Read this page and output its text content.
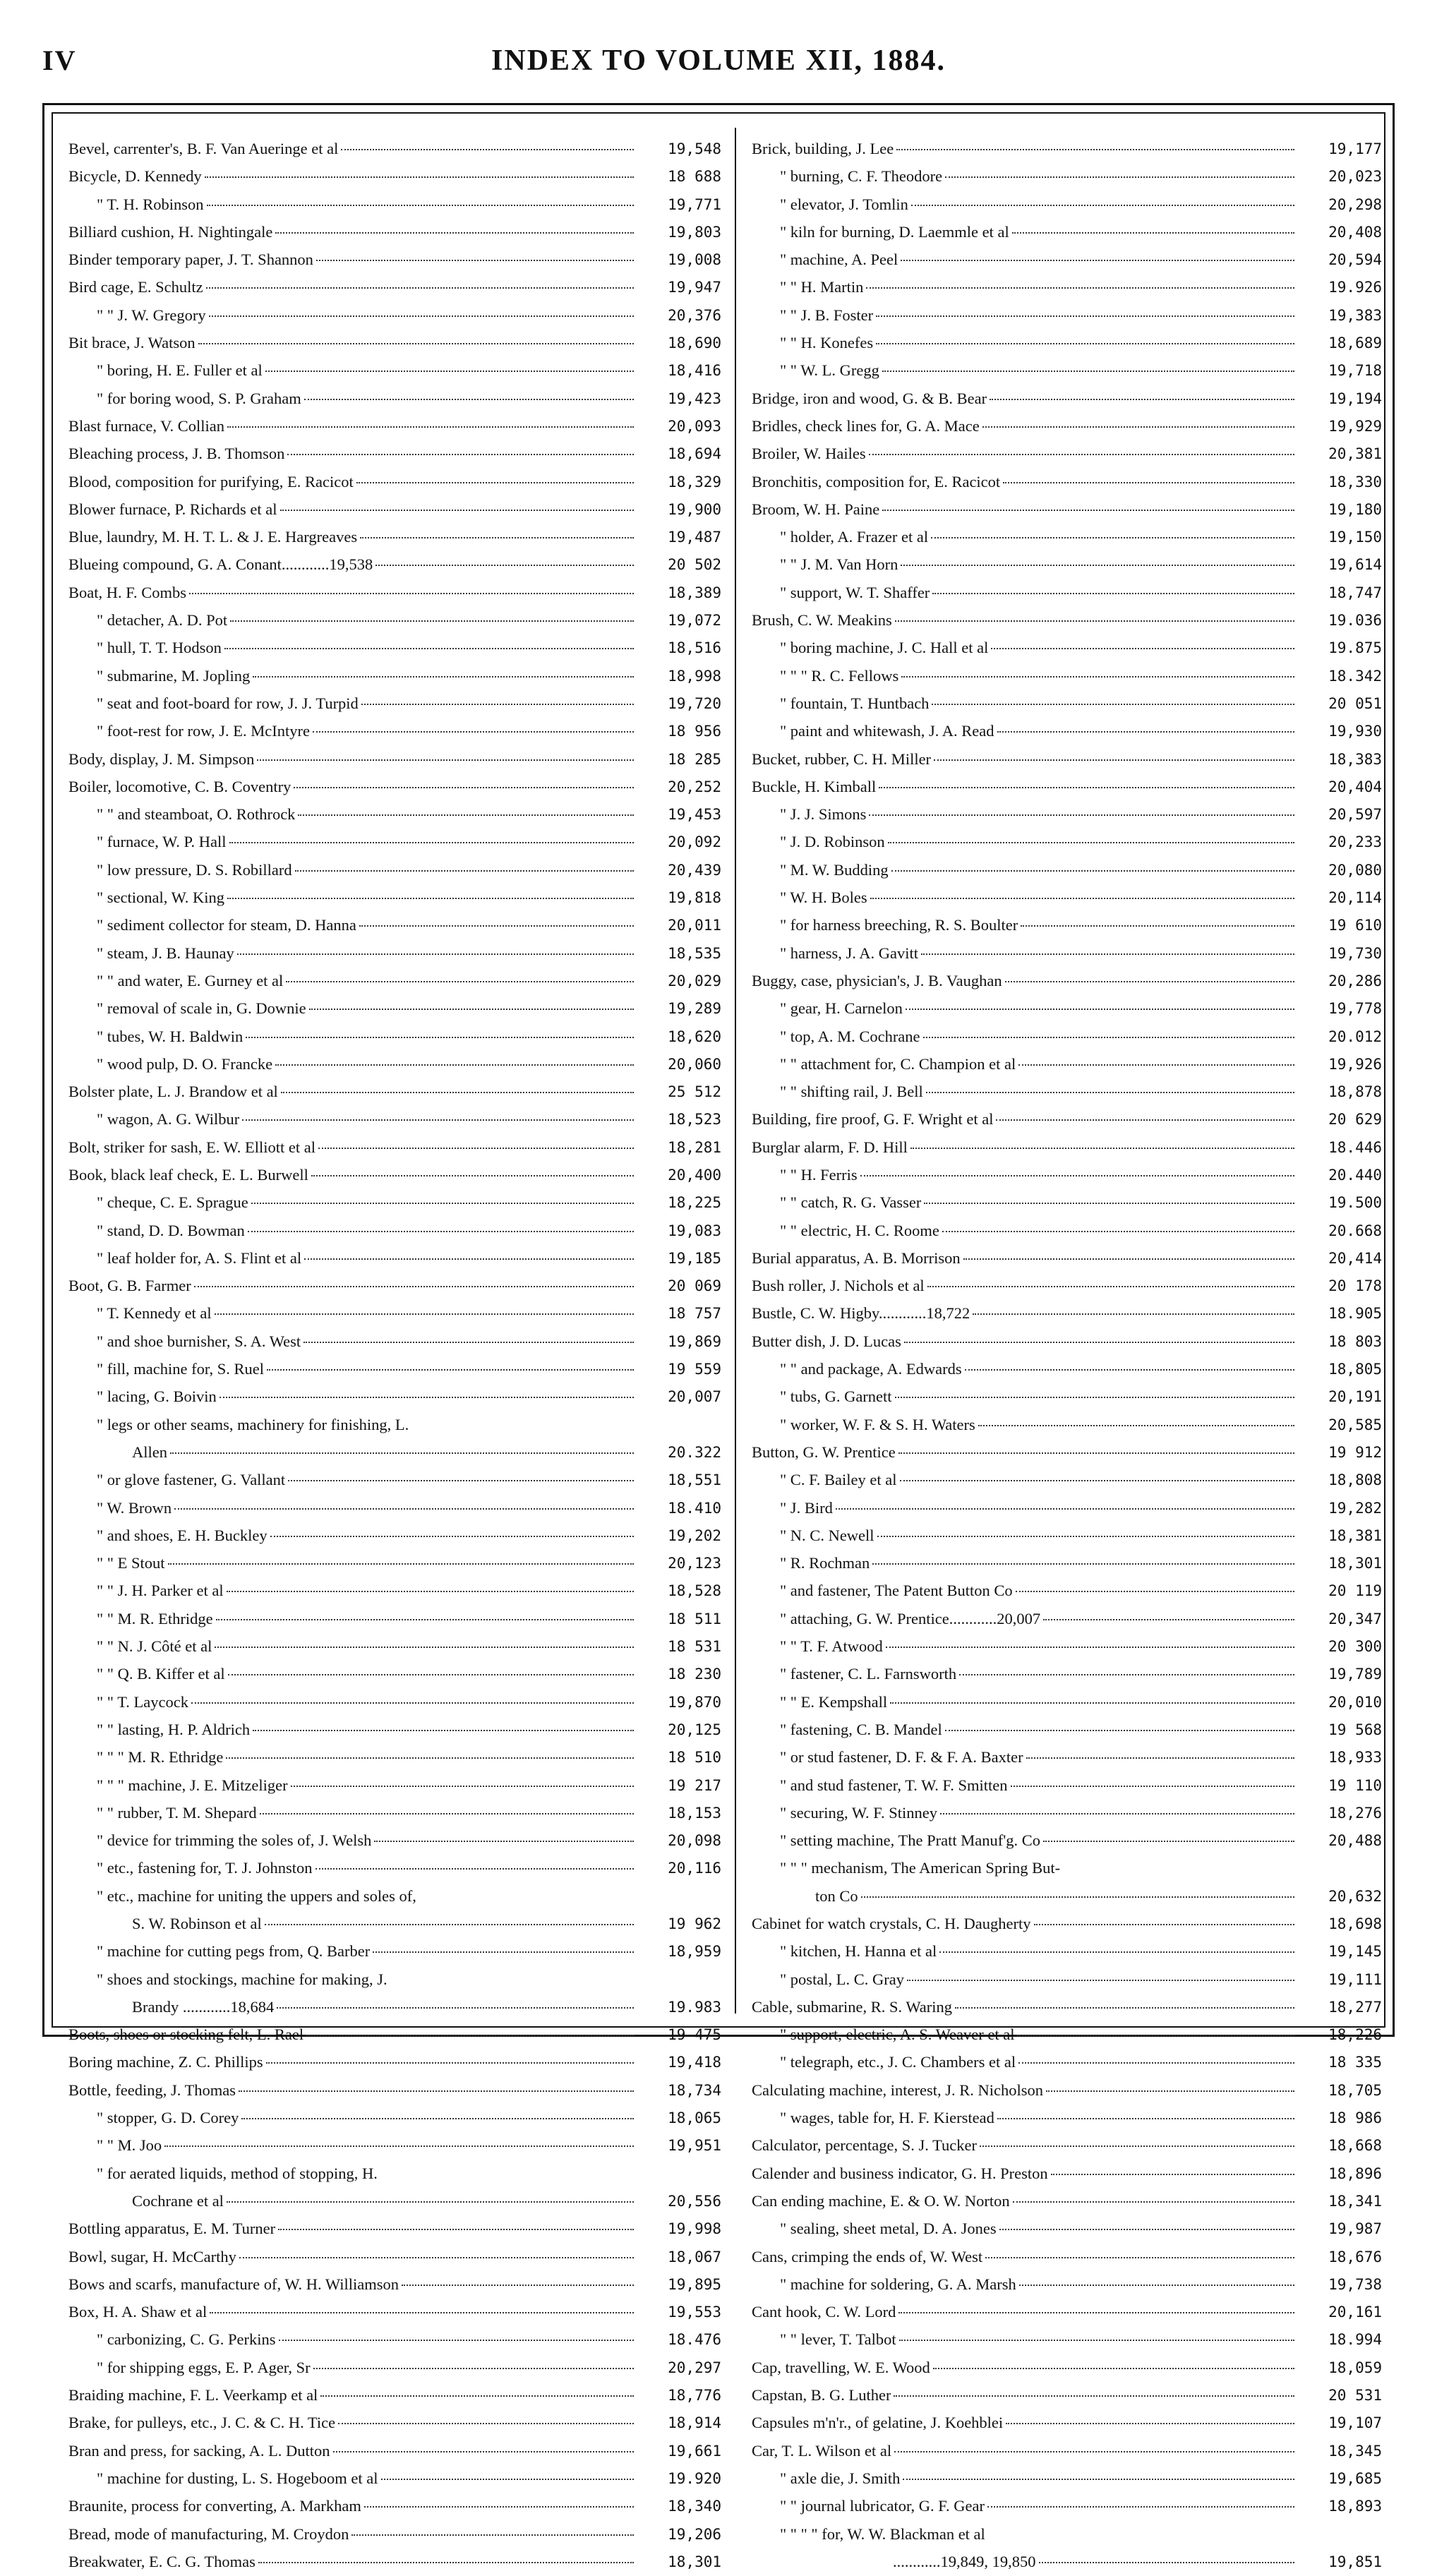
IV	INDEX TO VOLUME XII, 1884.
Bevel, carrenter's, B. F. Van Aueringe et al	19,548
Bicycle, D. Kennedy	18 688
" T. H. Robinson	19,771
Billiard cushion, H. Nightingale	19,803
Binder temporary paper, J. T. Shannon	19,008
Bird cage, E. Schultz	19,947
" " J. W. Gregory	20,376
Bit brace, J. Watson	18,690
" boring, H. E. Fuller et al	18,416
" for boring wood, S. P. Graham	19,423
Blast furnace, V. Collian	20,093
Bleaching process, J. B. Thomson	18,694
Blood, composition for purifying, E. Racicot	18,329
Blower furnace, P. Richards et al	19,900
Blue, laundry, M. H. T. L. & J. E. Hargreaves	19,487
Blueing compound, G. A. Conant............19,538	20 502
Boat, H. F. Combs	18,389
" detacher, A. D. Pot	19,072
" hull, T. T. Hodson	18,516
" submarine, M. Jopling	18,998
" seat and foot-board for row, J. J. Turpid	19,720
" foot-rest for row, J. E. McIntyre	18 956
Body, display, J. M. Simpson	18 285
Boiler, locomotive, C. B. Coventry	20,252
" " and steamboat, O. Rothrock	19,453
" furnace, W. P. Hall	20,092
" low pressure, D. S. Robillard	20,439
" sectional, W. King	19,818
" sediment collector for steam, D. Hanna	20,011
" steam, J. B. Haunay	18,535
" " and water, E. Gurney et al	20,029
" removal of scale in, G. Downie	19,289
" tubes, W. H. Baldwin	18,620
" wood pulp, D. O. Francke	20,060
Bolster plate, L. J. Brandow et al	25 512
" wagon, A. G. Wilbur	18,523
Bolt, striker for sash, E. W. Elliott et al	18,281
Book, black leaf check, E. L. Burwell	20,400
" cheque, C. E. Sprague	18,225
" stand, D. D. Bowman	19,083
" leaf holder for, A. S. Flint et al	19,185
Boot, G. B. Farmer	20 069
" T. Kennedy et al	18 757
" and shoe burnisher, S. A. West	19,869
" fill, machine for, S. Ruel	19 559
" lacing, G. Boivin	20,007
" legs or other seams, machinery for finishing, L.
Allen	20.322
" or glove fastener, G. Vallant	18,551
" W. Brown	18.410
" and shoes, E. H. Buckley	19,202
" " E Stout	20,123
" " J. H. Parker et al	18,528
" " M. R. Ethridge	18 511
" " N. J. Côté et al	18 531
" " Q. B. Kiffer et al	18 230
" " T. Laycock	19,870
" " lasting, H. P. Aldrich	20,125
" " " M. R. Ethridge	18 510
" " " machine, J. E. Mitzeliger	19 217
" " rubber, T. M. Shepard	18,153
" device for trimming the soles of, J. Welsh	20,098
" etc., fastening for, T. J. Johnston	20,116
" etc., machine for uniting the uppers and soles of,
S. W. Robinson et al	19 962
" machine for cutting pegs from, Q. Barber	18,959
" shoes and stockings, machine for making, J.
Brandy ............18,684	19.983
Boots, shoes or stocking felt, L. Rael	19 475
Boring machine, Z. C. Phillips	19,418
Bottle, feeding, J. Thomas	18,734
" stopper, G. D. Corey	18,065
" " M. Joo	19,951
" for aerated liquids, method of stopping, H.
Cochrane et al	20,556
Bottling apparatus, E. M. Turner	19,998
Bowl, sugar, H. McCarthy	18,067
Bows and scarfs, manufacture of, W. H. Williamson	19,895
Box, H. A. Shaw et al	19,553
" carbonizing, C. G. Perkins	18.476
" for shipping eggs, E. P. Ager, Sr	20,297
Braiding machine, F. L. Veerkamp et al	18,776
Brake, for pulleys, etc., J. C. & C. H. Tice	18,914
Bran and press, for sacking, A. L. Dutton	19,661
" machine for dusting, L. S. Hogeboom et al	19.920
Braunite, process for converting, A. Markham	18,340
Bread, mode of manufacturing, M. Croydon	19,206
Breakwater, E. C. G. Thomas	18,301
Brick, building, J. Lee	19,177
" burning, C. F. Theodore	20,023
" elevator, J. Tomlin	20,298
" kiln for burning, D. Laemmle et al	20,408
" machine, A. Peel	20,594
" " H. Martin	19.926
" " J. B. Foster	19,383
" " H. Konefes	18,689
" " W. L. Gregg	19,718
Bridge, iron and wood, G. & B. Bear	19,194
Bridles, check lines for, G. A. Mace	19,929
Broiler, W. Hailes	20,381
Bronchitis, composition for, E. Racicot	18,330
Broom, W. H. Paine	19,180
" holder, A. Frazer et al	19,150
" " J. M. Van Horn	19,614
" support, W. T. Shaffer	18,747
Brush, C. W. Meakins	19.036
" boring machine, J. C. Hall et al	19.875
" " " R. C. Fellows	18.342
" fountain, T. Huntbach	20 051
" paint and whitewash, J. A. Read	19,930
Bucket, rubber, C. H. Miller	18,383
Buckle, H. Kimball	20,404
" J. J. Simons	20,597
" J. D. Robinson	20,233
" M. W. Budding	20,080
" W. H. Boles	20,114
" for harness breeching, R. S. Boulter	19 610
" harness, J. A. Gavitt	19,730
Buggy, case, physician's, J. B. Vaughan	20,286
" gear, H. Carnelon	19,778
" top, A. M. Cochrane	20.012
" " attachment for, C. Champion et al	19,926
" " shifting rail, J. Bell	18,878
Building, fire proof, G. F. Wright et al	20 629
Burglar alarm, F. D. Hill	18.446
" " H. Ferris	20.440
" " catch, R. G. Vasser	19.500
" " electric, H. C. Roome	20.668
Burial apparatus, A. B. Morrison	20,414
Bush roller, J. Nichols et al	20 178
Bustle, C. W. Higby............18,722	18.905
Butter dish, J. D. Lucas	18 803
" " and package, A. Edwards	18,805
" tubs, G. Garnett	20,191
" worker, W. F. & S. H. Waters	20,585
Button, G. W. Prentice	19 912
" C. F. Bailey et al	18,808
" J. Bird	19,282
" N. C. Newell	18,381
" R. Rochman	18,301
" and fastener, The Patent Button Co	20 119
" attaching, G. W. Prentice............20,007	20,347
" " T. F. Atwood	20 300
" fastener, C. L. Farnsworth	19,789
" " E. Kempshall	20,010
" fastening, C. B. Mandel	19 568
" or stud fastener, D. F. & F. A. Baxter	18,933
" and stud fastener, T. W. F. Smitten	19 110
" securing, W. F. Stinney	18,276
" setting machine, The Pratt Manuf'g. Co	20,488
" " " mechanism, The American Spring But-
ton Co	20,632
Cabinet for watch crystals, C. H. Daugherty	18,698
" kitchen, H. Hanna et al	19,145
" postal, L. C. Gray	19,111
Cable, submarine, R. S. Waring	18,277
" support, electric, A. S. Weaver et al	18,226
" telegraph, etc., J. C. Chambers et al	18 335
Calculating machine, interest, J. R. Nicholson	18,705
" wages, table for, H. F. Kierstead	18 986
Calculator, percentage, S. J. Tucker	18,668
Calender and business indicator, G. H. Preston	18,896
Can ending machine, E. & O. W. Norton	18,341
" sealing, sheet metal, D. A. Jones	19,987
Cans, crimping the ends of, W. West	18,676
" machine for soldering, G. A. Marsh	19,738
Cant hook, C. W. Lord	20,161
" " lever, T. Talbot	18.994
Cap, travelling, W. E. Wood	18,059
Capstan, B. G. Luther	20 531
Capsules m'n'r., of gelatine, J. Koehblei	19,107
Car, T. L. Wilson et al	18,345
" axle die, J. Smith	19,685
" " journal lubricator, G. F. Gear	18,893
" " " " for, W. W. Blackman et al
............19,849, 19,850	19,851
